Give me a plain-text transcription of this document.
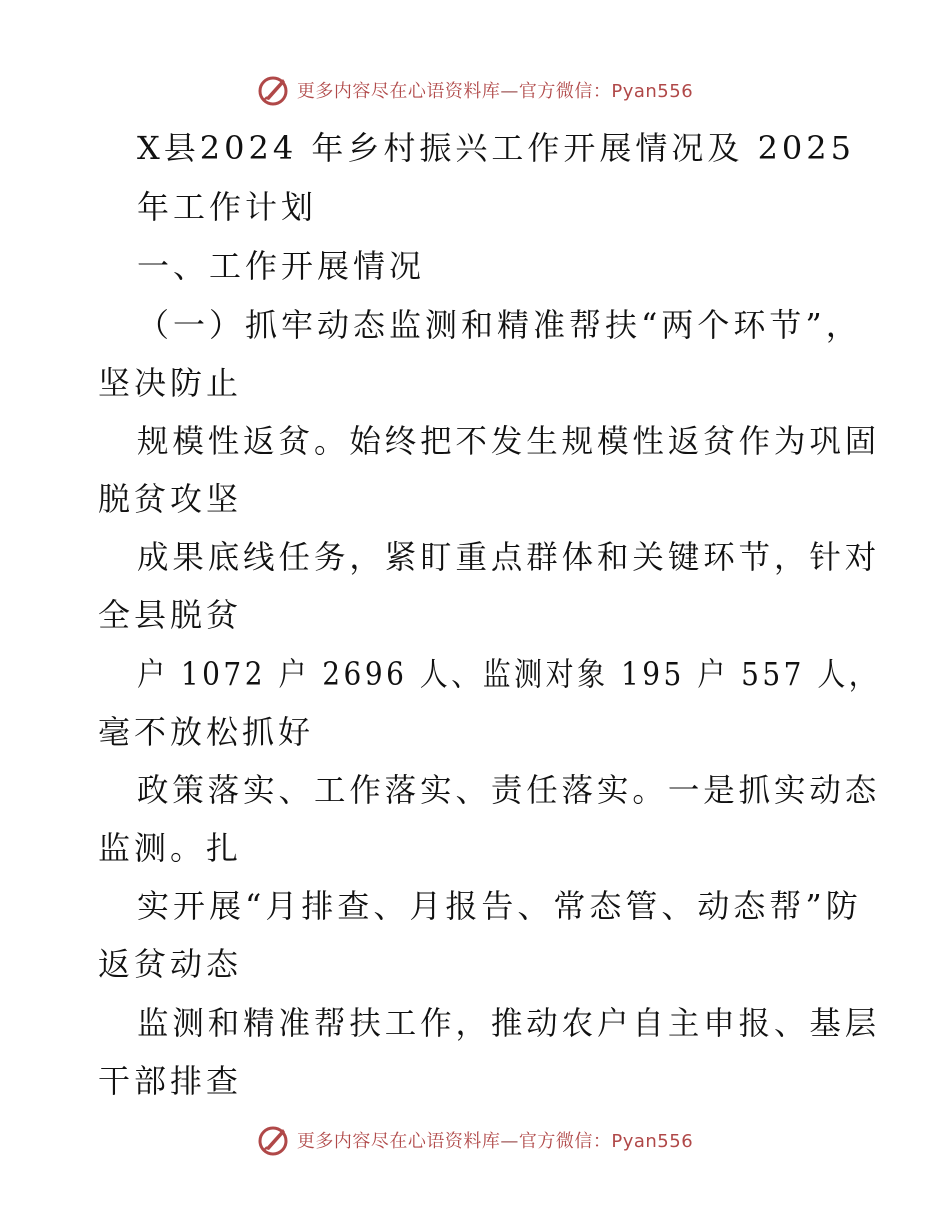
更多内容尽在心语资料库—官方微信：Pyan556
X县2024 年乡村振兴工作开展情况及 2025
年工作计划
一、工作开展情况
（一）抓牢动态监测和精准帮扶“两个环节”，
坚决防止
规模性返贫。始终把不发生规模性返贫作为巩固
脱贫攻坚
成果底线任务，紧盯重点群体和关键环节，针对
全县脱贫
户 1072 户 2696 人、监测对象 195 户 557 人，
毫不放松抓好
政策落实、工作落实、责任落实。一是抓实动态
监测。扎
实开展“月排查、月报告、常态管、动态帮”防
返贫动态
监测和精准帮扶工作，推动农户自主申报、基层
干部排查
更多内容尽在心语资料库—官方微信：Pyan556
